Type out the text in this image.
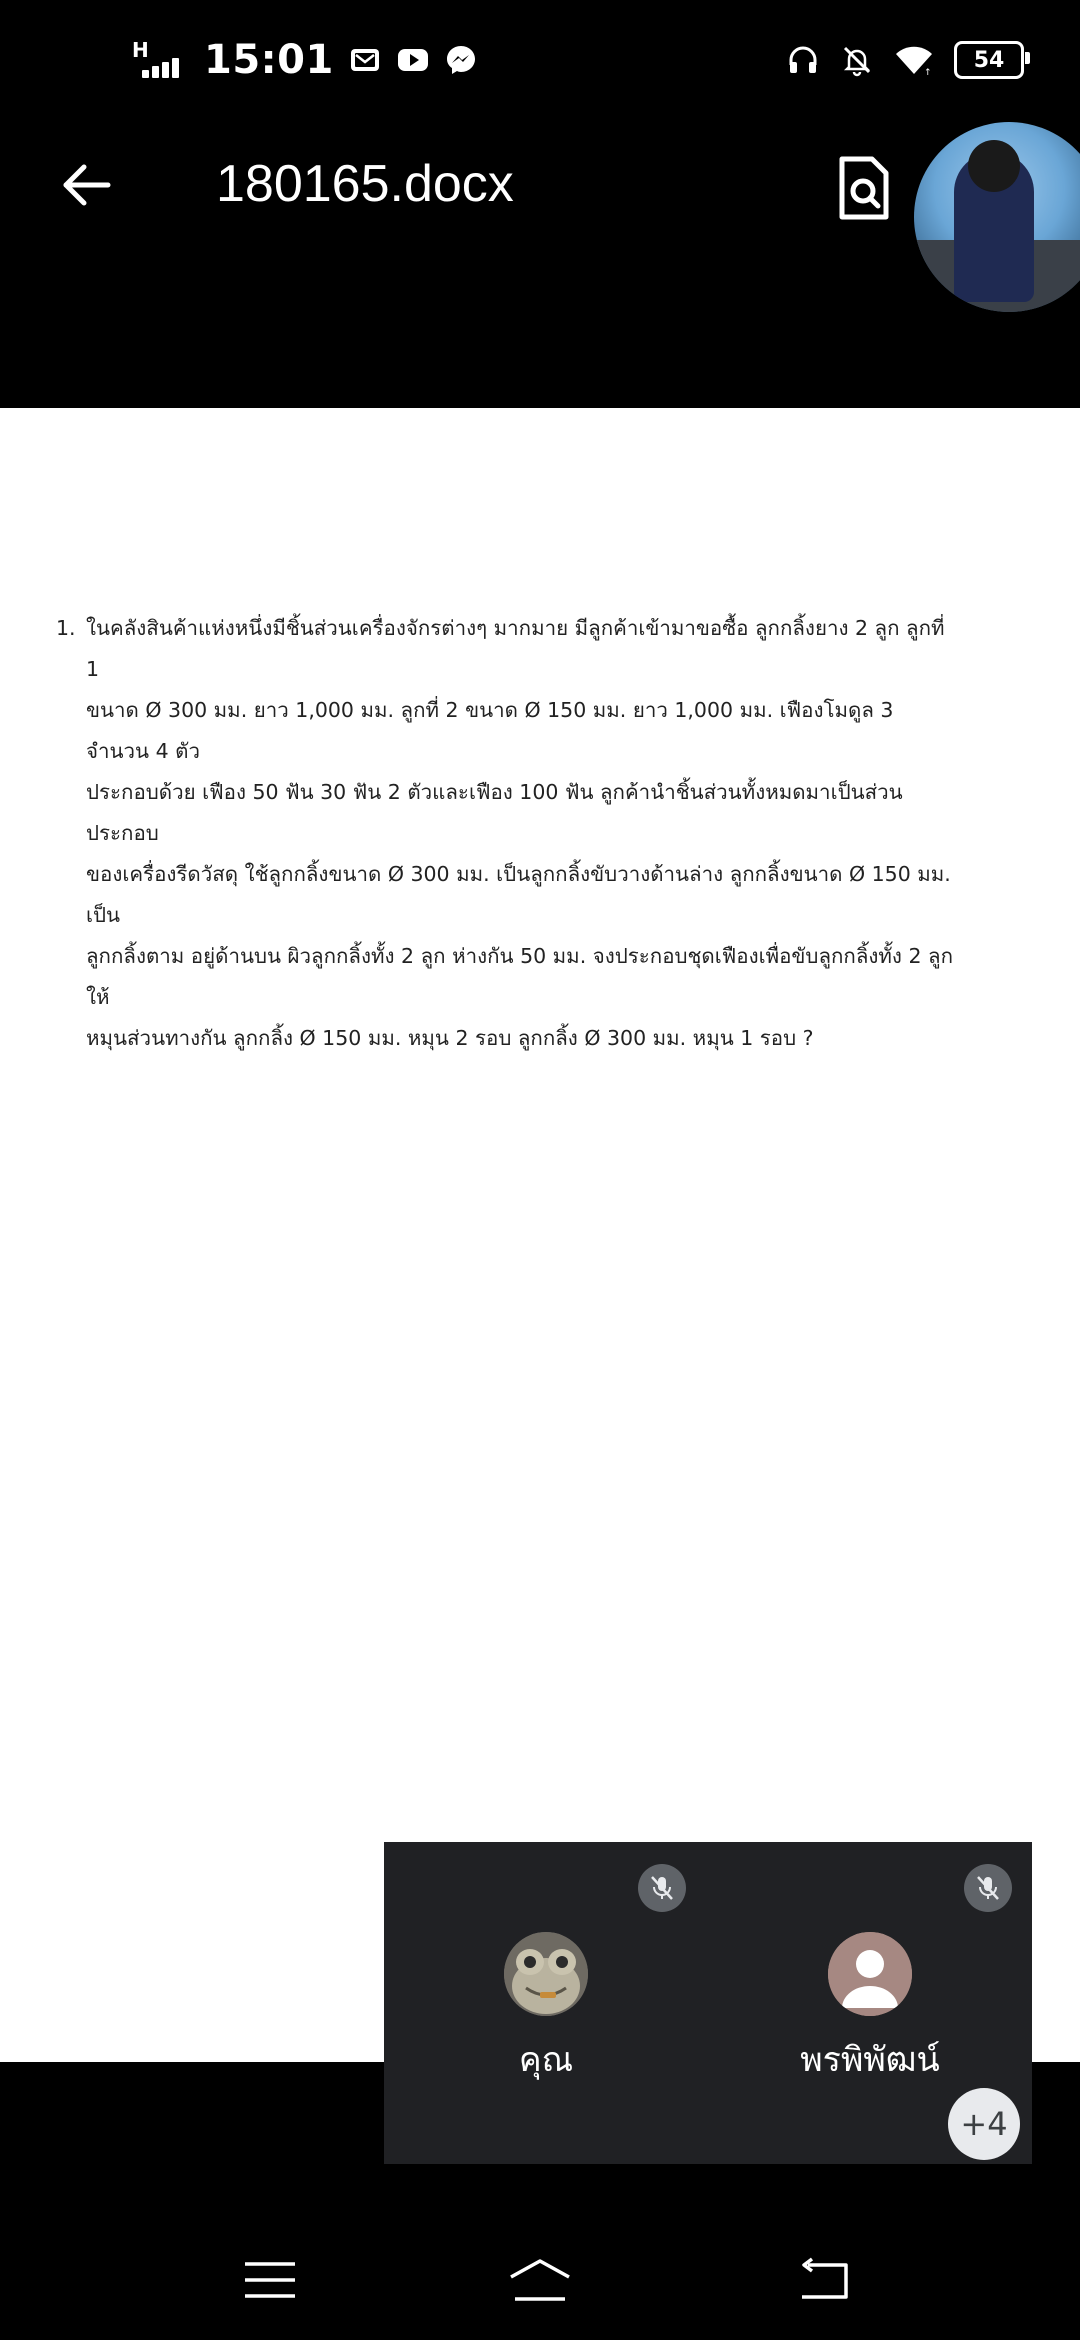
H 15:01	↑
54
180165.docx
1. ในคลังสินค้าแห่งหนึ่งมีชิ้นส่วนเครื่องจักรต่างๆ มากมาย มีลูกค้าเข้ามาขอซื้อ ลูกกลิ้งยาง 2 ลูก ลูกที่ 1

ขนาด Ø 300 มม. ยาว 1,000 มม. ลูกที่ 2 ขนาด Ø 150 มม. ยาว 1,000 มม. เฟืองโมดูล 3 จำนวน 4 ตัว

ประกอบด้วย เฟือง 50 ฟัน 30 ฟัน 2 ตัวและเฟือง 100 ฟัน ลูกค้านำชิ้นส่วนทั้งหมดมาเป็นส่วนประกอบ

ของเครื่องรีดวัสดุ ใช้ลูกกลิ้งขนาด Ø 300 มม. เป็นลูกกลิ้งขับวางด้านล่าง ลูกกลิ้งขนาด Ø 150 มม. เป็น

ลูกกลิ้งตาม อยู่ด้านบน ผิวลูกกลิ้งทั้ง 2 ลูก ห่างกัน 50 มม. จงประกอบชุดเฟืองเพื่อขับลูกกลิ้งทั้ง 2 ลูก ให้

หมุนส่วนทางกัน ลูกกลิ้ง Ø 150 มม. หมุน 2 รอบ ลูกกลิ้ง Ø 300 มม. หมุน 1 รอบ ?

คุณ	พรพิพัฒน์
+4
